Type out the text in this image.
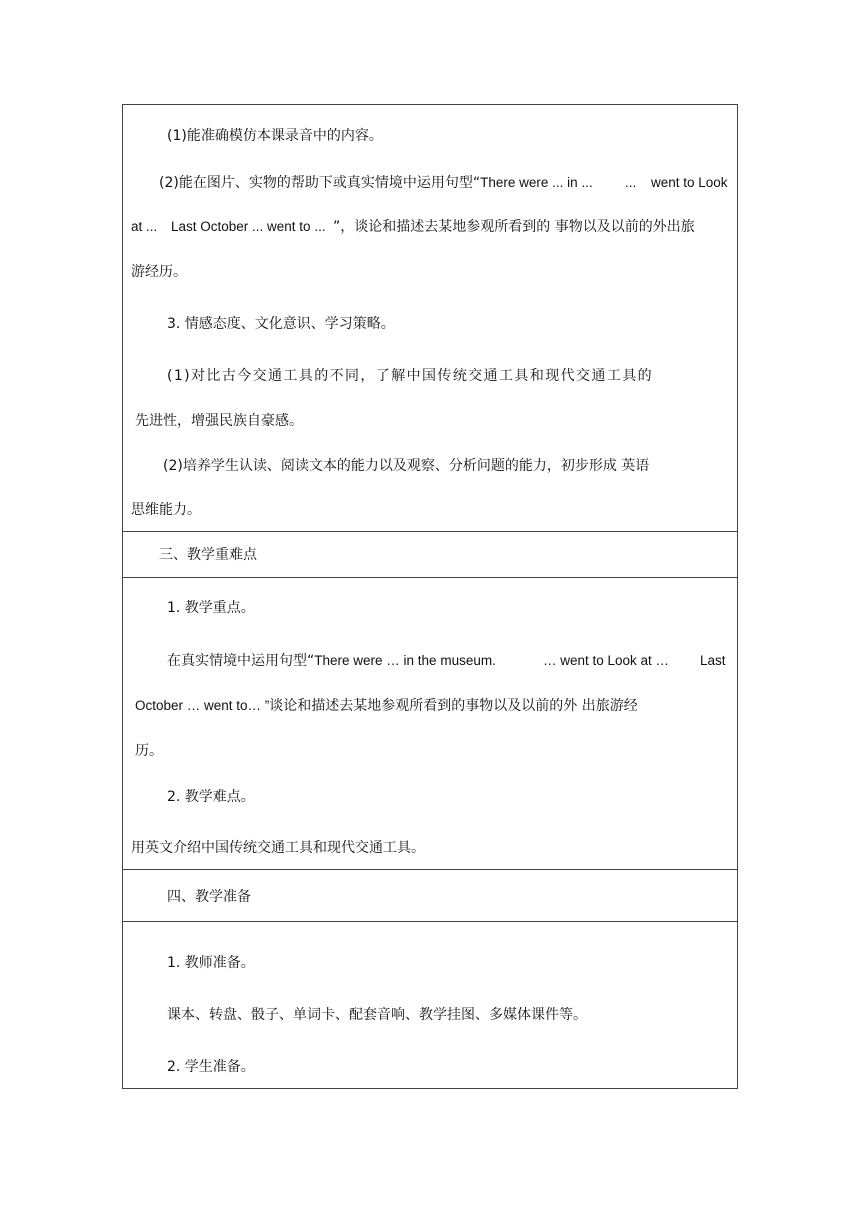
(1)能准确模仿本课录音中的内容。
(2)能在图片、实物的帮助下或真实情境中运用句型“There were ... in ... ... went to Look
at ... Last October ... went to ... ”，谈论和描述去某地参观所看到的 事物以及以前的外出旅
游经历。
3. 情感态度、文化意识、学习策略。
(1)对比古今交通工具的不同，了解中国传统交通工具和现代交通工具的
先进性，增强民族自豪感。
(2)培养学生认读、阅读文本的能力以及观察、分析问题的能力，初步形成 英语
思维能力。
三、教学重难点
1. 教学重点。
在真实情境中运用句型“There were … in the museum.	… went to Look at … Last
October … went to… ”谈论和描述去某地参观所看到的事物以及以前的外 出旅游经
历。
2. 教学难点。
用英文介绍中国传统交通工具和现代交通工具。
四、教学准备
1. 教师准备。
课本、转盘、骰子、单词卡、配套音响、教学挂图、多媒体课件等。
2. 学生准备。
